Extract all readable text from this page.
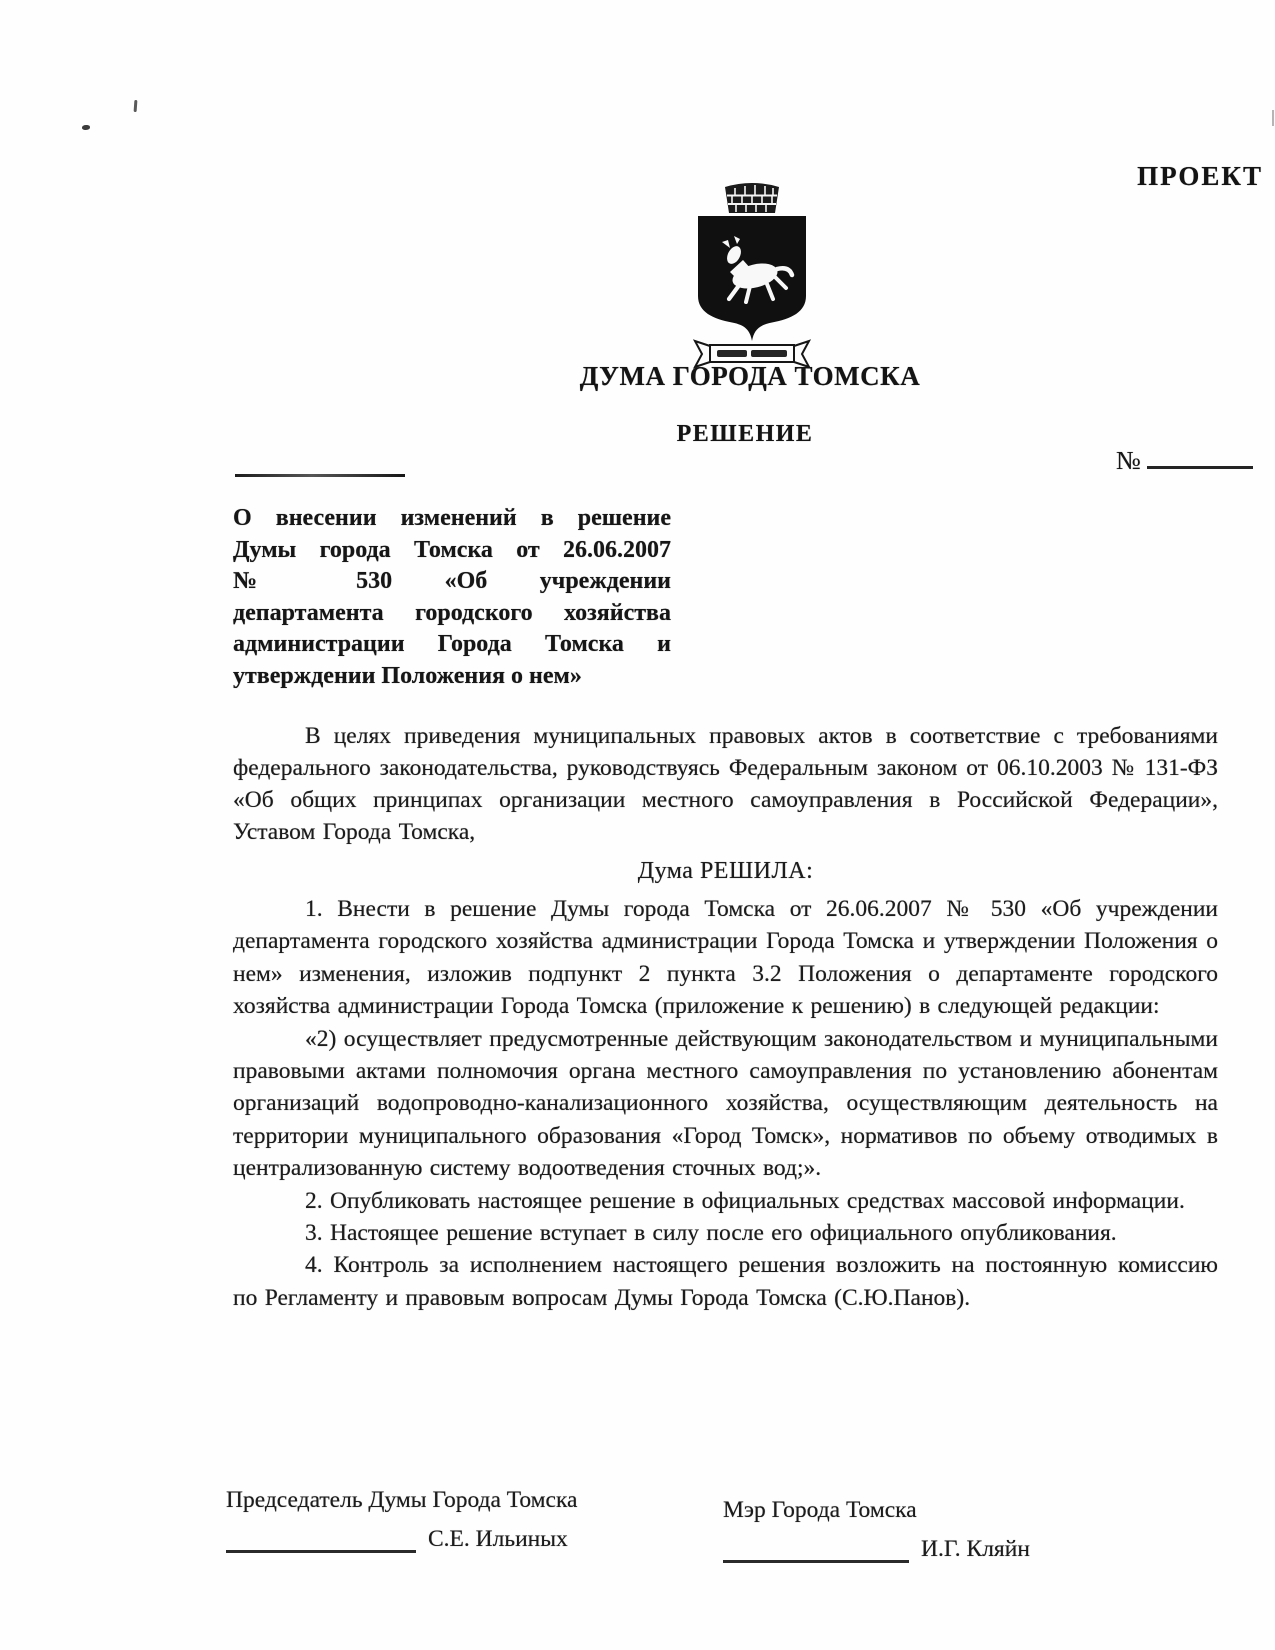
ПРОЕКТ
ДУМА ГОРОДА ТОМСКА
РЕШЕНИЕ
№
О внесении изменений в решение
Думы города Томска от 26.06.2007
№ 530 «Об учреждении
департамента городского хозяйства
администрации Города Томска и
утверждении Положения о нем»
В целях приведения муниципальных правовых актов в соответствие с требованиями федерального законодательства, руководствуясь Федеральным законом от 06.10.2003 № 131-ФЗ «Об общих принципах организации местного самоуправления в Российской Федерации», Уставом Города Томска,
Дума РЕШИЛА:

1. Внести в решение Думы города Томска от 26.06.2007 № 530 «Об учреждении департамента городского хозяйства администрации Города Томска и утверждении Положения о нем» изменения, изложив подпункт 2 пункта 3.2 Положения о департаменте городского хозяйства администрации Города Томска (приложение к решению) в следующей редакции:

«2) осуществляет предусмотренные действующим законодательством и муниципальными правовыми актами полномочия органа местного самоуправления по установлению абонентам организаций водопроводно-канализационного хозяйства, осуществляющим деятельность на территории муниципального образования «Город Томск», нормативов по объему отводимых в централизованную систему водоотведения сточных вод;».

2. Опубликовать настоящее решение в официальных средствах массовой информации.

3. Настоящее решение вступает в силу после его официального опубликования.

4. Контроль за исполнением настоящего решения возложить на постоянную комиссию по Регламенту и правовым вопросам Думы Города Томска (С.Ю.Панов).

Председатель Думы Города Томска
С.Е. Ильиных
Мэр Города Томска
И.Г. Кляйн
